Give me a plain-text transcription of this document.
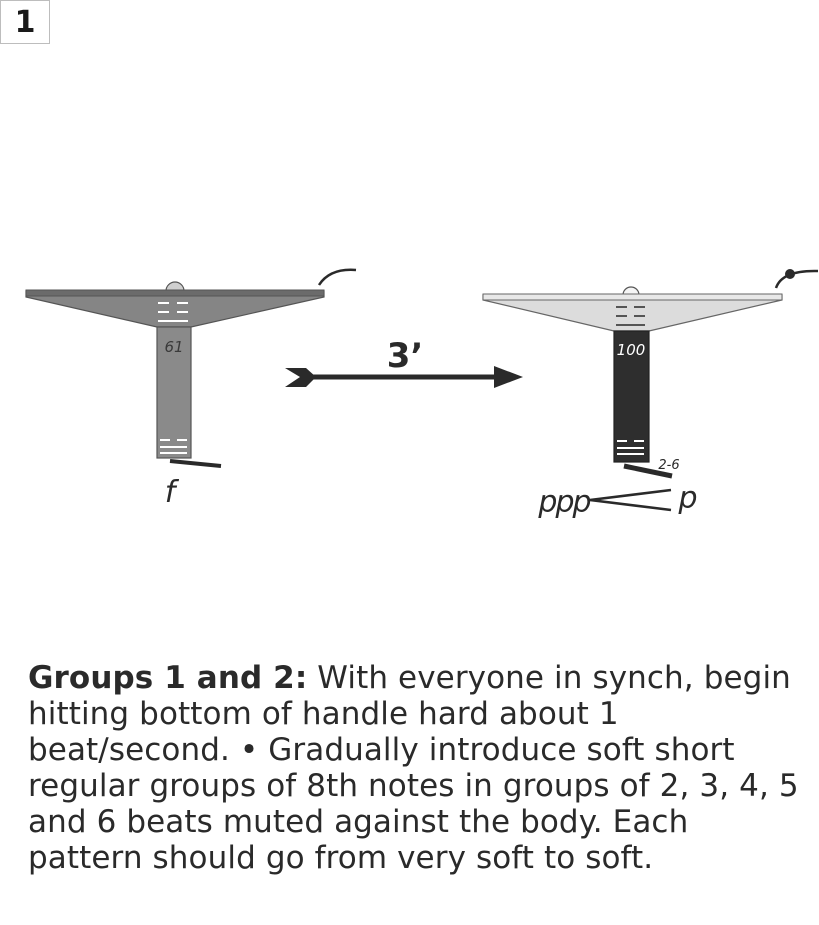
1
61
f
3’	100
2-6
ppp	p

Groups 1 and 2: With everyone in synch, begin hitting bottom of handle hard about 1 beat/second. • Gradually introduce soft short regular groups of 8th notes in groups of 2, 3, 4, 5 and 6 beats muted against the body. Each pattern should go from very soft to soft.
